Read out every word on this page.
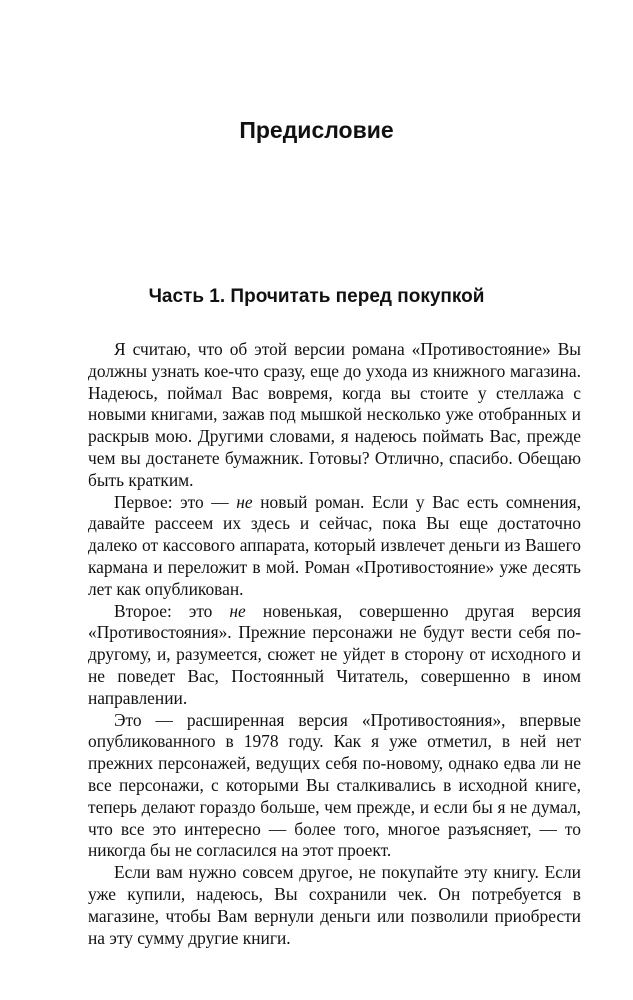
Предисловие
Часть 1. Прочитать перед покупкой

Я считаю, что об этой версии романа «Противостояние» Вы должны узнать кое-что сразу, еще до ухода из книжного магазина. Надеюсь, поймал Вас вовремя, когда вы стоите у стеллажа с новыми книгами, зажав под мышкой несколько уже отобранных и раскрыв мою. Другими словами, я надеюсь поймать Вас, прежде чем вы достанете бумажник. Готовы? Отлично, спасибо. Обещаю быть кратким.

Первое: это — не новый роман. Если у Вас есть сомнения, давайте рассеем их здесь и сейчас, пока Вы еще достаточно далеко от кассового аппарата, который извлечет деньги из Вашего кармана и переложит в мой. Роман «Противостояние» уже десять лет как опубликован.

Второе: это не новенькая, совершенно другая версия «Противостояния». Прежние персонажи не будут вести себя по-другому, и, разумеется, сюжет не уйдет в сторону от исходного и не поведет Вас, Постоянный Читатель, совершенно в ином направлении.

Это — расширенная версия «Противостояния», впервые опубликованного в 1978 году. Как я уже отметил, в ней нет прежних персонажей, ведущих себя по-новому, однако едва ли не все персонажи, с которыми Вы сталкивались в исходной книге, теперь делают гораздо больше, чем прежде, и если бы я не думал, что все это интересно — более того, многое разъясняет, — то никогда бы не согласился на этот проект.

Если вам нужно совсем другое, не покупайте эту книгу. Если уже купили, надеюсь, Вы сохранили чек. Он потребуется в магазине, чтобы Вам вернули деньги или позволили приобрести на эту сумму другие книги.
